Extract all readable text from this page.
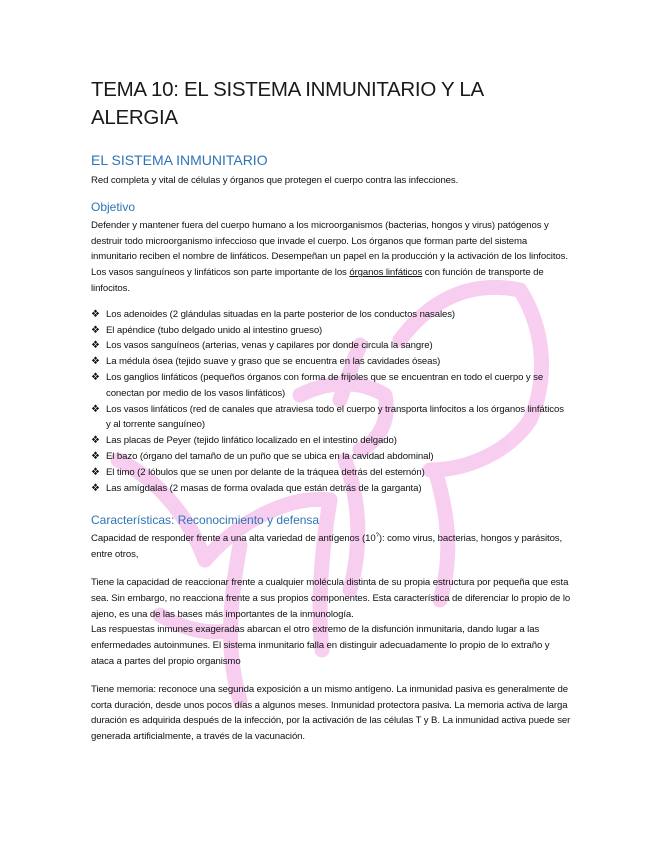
TEMA 10: EL SISTEMA INMUNITARIO Y LA ALERGIA
EL SISTEMA INMUNITARIO

Red completa y vital de células y órganos que protegen el cuerpo contra las infecciones.

Objetivo

Defender y mantener fuera del cuerpo humano a los microorganismos (bacterias, hongos y virus) patógenos y destruir todo microorganismo infeccioso que invade el cuerpo. Los órganos que forman parte del sistema inmunitario reciben el nombre de linfáticos. Desempeñan un papel en la producción y la activación de los linfocitos. Los vasos sanguíneos y linfáticos son parte importante de los órganos linfáticos con función de transporte de linfocitos.

❖ Los adenoides (2 glándulas situadas en la parte posterior de los conductos nasales)
❖ El apéndice (tubo delgado unido al intestino grueso)
❖ Los vasos sanguíneos (arterias, venas y capilares por donde circula la sangre)
❖ La médula ósea (tejido suave y graso que se encuentra en las cavidades óseas)
❖ Los ganglios linfáticos (pequeños órganos con forma de frijoles que se encuentran en todo el cuerpo y se conectan por medio de los vasos linfáticos)
❖ Los vasos linfáticos (red de canales que atraviesa todo el cuerpo y transporta linfocitos a los órganos linfáticos y al torrente sanguíneo)
❖ Las placas de Peyer (tejido linfático localizado en el intestino delgado)
❖ El bazo (órgano del tamaño de un puño que se ubica en la cavidad abdominal)
❖ El timo (2 lóbulos que se unen por delante de la tráquea detrás del esternón)
❖ Las amígdalas (2 masas de forma ovalada que están detrás de la garganta)
Características: Reconocimiento y defensa

Capacidad de responder frente a una alta variedad de antígenos (10?): como virus, bacterias, hongos y parásitos, entre otros,

Tiene la capacidad de reaccionar frente a cualquier molécula distinta de su propia estructura por pequeña que esta sea. Sin embargo, no reacciona frente a sus propios componentes. Esta característica de diferenciar lo propio de lo ajeno, es una de las bases más importantes de la inmunología.

Las respuestas inmunes exageradas abarcan el otro extremo de la disfunción inmunitaria, dando lugar a las enfermedades autoinmunes. El sistema inmunitario falla en distinguir adecuadamente lo propio de lo extraño y ataca a partes del propio organismo

Tiene memoria: reconoce una segunda exposición a un mismo antígeno. La inmunidad pasiva es generalmente de corta duración, desde unos pocos días a algunos meses. Inmunidad protectora pasiva. La memoria activa de larga duración es adquirida después de la infección, por la activación de las células T y B. La inmunidad activa puede ser generada artificialmente, a través de la vacunación.
